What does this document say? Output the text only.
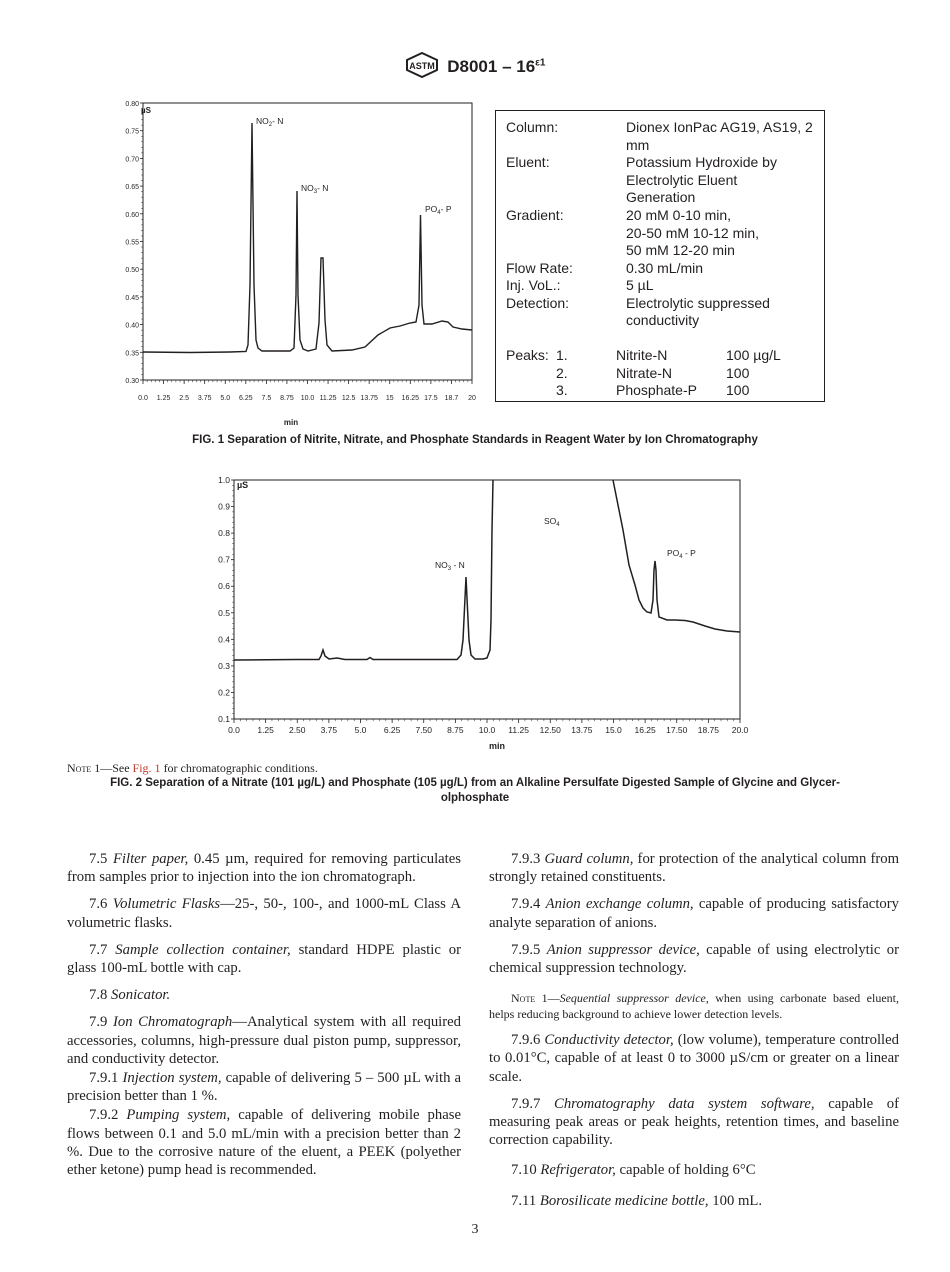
ASTM $D8001 - 16^{\varepsilon 1}$
0.80
0.75
0.70
0.65
0.60
0.55
0.50
0.45
0.40
0.35
0.30
0.0 1.25 2.5 3.75 5.0 6.25 7.5 8.75 10.0 11.25 12.5 13.75 15 16.25 17.5 18.7 20
µS
min
$NO_2-$ N
$NO_3-$ N
$PO_4-$ P
Column:	Dionex IonPac AG19, AS19, 2 mm
Eluent:	Potassium Hydroxide by Electrolytic Eluent Generation
Gradient:	20 mM 0-10 min,
20-50 mM 10-12 min,
50 mM 12-20 min
Flow Rate:	0.30 mL/min
Inj. VoL.:	5 µL
Detection:	Electrolytic suppressed conductivity
Peaks: 1.	Nitrite-N	100 µg/L
2.	Nitrate-N	100
3.	Phosphate-P 100
FIG. 1 Separation of Nitrite, Nitrate, and Phosphate Standards in Reagent Water by Ion Chromatography
1.0
0.9
0.8
0.7
0.6
0.5
0.4
0.3
0.2
0.1
0.0 1.25 2.50 3.75 5.0 6.25 7.50 8.75 10.0 11.25 12.50 13.75 15.0 16.25 17.50 18.75 20.0
µS
min
$NO_3$ - N
$SO_4$
$PO_4$ - P
Note 1—See Fig. 1 for chromatographic conditions.
FIG. 2 Separation of a Nitrate (101 µg/L) and Phosphate (105 µg/L) from an Alkaline Persulfate Digested Sample of Glycine and Glycer-
olphosphate

7.5 Filter paper, 0.45 µm, required for removing particulates from samples prior to injection into the ion chromatograph.

7.6 Volumetric Flasks—25-, 50-, 100-, and 1000-mL Class A volumetric flasks.

7.7 Sample collection container, standard HDPE plastic or glass 100-mL bottle with cap.

7.8 Sonicator.

7.9 Ion Chromatograph—Analytical system with all required accessories, columns, high-pressure dual piston pump, suppressor, and conductivity detector.

7.9.1 Injection system, capable of delivering 5 – 500 µL with a precision better than 1 %.

7.9.2 Pumping system, capable of delivering mobile phase flows between 0.1 and 5.0 mL/min with a precision better than 2 %. Due to the corrosive nature of the eluent, a PEEK (polyether ether ketone) pump head is recommended.

7.9.3 Guard column, for protection of the analytical column from strongly retained constituents.

7.9.4 Anion exchange column, capable of producing satisfactory analyte separation of anions.

7.9.5 Anion suppressor device, capable of using electrolytic or chemical suppression technology.

Note 1—Sequential suppressor device, when using carbonate based eluent, helps reducing background to achieve lower detection levels.

7.9.6 Conductivity detector, (low volume), temperature controlled to 0.01°C, capable of at least 0 to 3000 µS/cm or greater on a linear scale.

7.9.7 Chromatography data system software, capable of measuring peak areas or peak heights, retention times, and baseline correction capability.

7.10 Refrigerator, capable of holding 6°C

7.11 Borosilicate medicine bottle, 100 mL.

3
